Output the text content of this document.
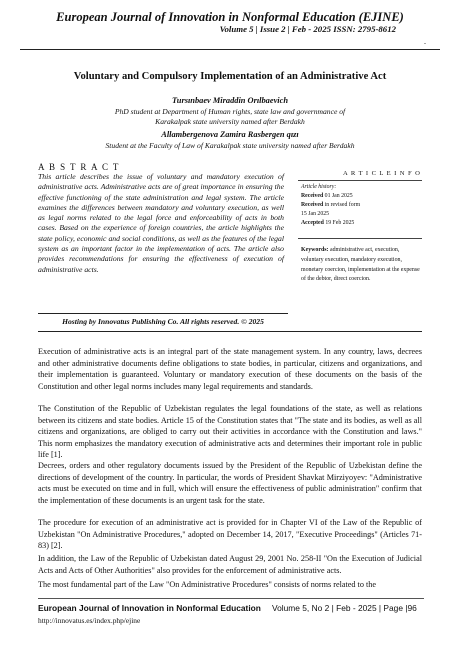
European Journal of Innovation in Nonformal Education (EJINE)
Volume 5 | Issue 2 | Feb - 2025 ISSN: 2795-8612
.
Voluntary and Compulsory Implementation of an Administrative Act
Tursınbaev Miraddin Orılbaevich
PhD student at Department of Human rights, state law and governmance of
Karakalpak state university named after Berdakh
Allambergenova Zamira Rasbergen qızı
Student at the Faculty of Law of Karakalpak state university named after Berdakh
A B S T R A C T
This article describes the issue of voluntary and mandatory execution of administrative acts. Administrative acts are of great importance in ensuring the effective functioning of the state administration and legal system. The article examines the differences between mandatory and voluntary execution, as well as legal norms related to the legal force and enforceability of acts in both cases. Based on the experience of foreign countries, the article highlights the state policy, economic and social conditions, as well as the features of the legal system as an important factor in the implementation of acts. The article also provides recommendations for ensuring the effectiveness of execution of administrative acts.
A R T I C L E I N F O
Article history:
Received 01 Jan 2025
Received in revised form
15 Jan 2025
Accepted 19 Feb 2025
Keywords: administrative act, execution, voluntary execution, mandatory execution, monetary coercion, implementation at the expense of the debtor, direct coercion.
Hosting by Innovatus Publishing Co. All rights reserved. © 2025
Execution of administrative acts is an integral part of the state management system. In any country, laws, decrees and other administrative documents define obligations to state bodies, in particular, citizens and organizations, and their implementation is guaranteed. Voluntary or mandatory execution of these documents on the basis of the Constitution and other legal norms includes many legal requirements and standards.
The Constitution of the Republic of Uzbekistan regulates the legal foundations of the state, as well as relations between its citizens and state bodies. Article 15 of the Constitution states that "The state and its bodies, as well as all citizens and organizations, are obliged to carry out their activities in accordance with the Constitution and laws." This norm emphasizes the mandatory execution of administrative acts and determines their important role in public life [1].
Decrees, orders and other regulatory documents issued by the President of the Republic of Uzbekistan define the directions of development of the country. In particular, the words of President Shavkat Mirziyoyev: "Administrative acts must be executed on time and in full, which will ensure the effectiveness of public administration" confirm that the implementation of these documents is an urgent task for the state.
The procedure for execution of an administrative act is provided for in Chapter VI of the Law of the Republic of Uzbekistan "On Administrative Procedures," adopted on December 14, 2017, "Executive Proceedings" (Articles 71-83) [2].
In addition, the Law of the Republic of Uzbekistan dated August 29, 2001 No. 258-II "On the Execution of Judicial Acts and Acts of Other Authorities" also provides for the enforcement of administrative acts.
The most fundamental part of the Law "On Administrative Procedures" consists of norms related to the
European Journal of Innovation in Nonformal Education Volume 5, No 2 | Feb - 2025 | Page |96
http://innovatus.es/index.php/ejine
